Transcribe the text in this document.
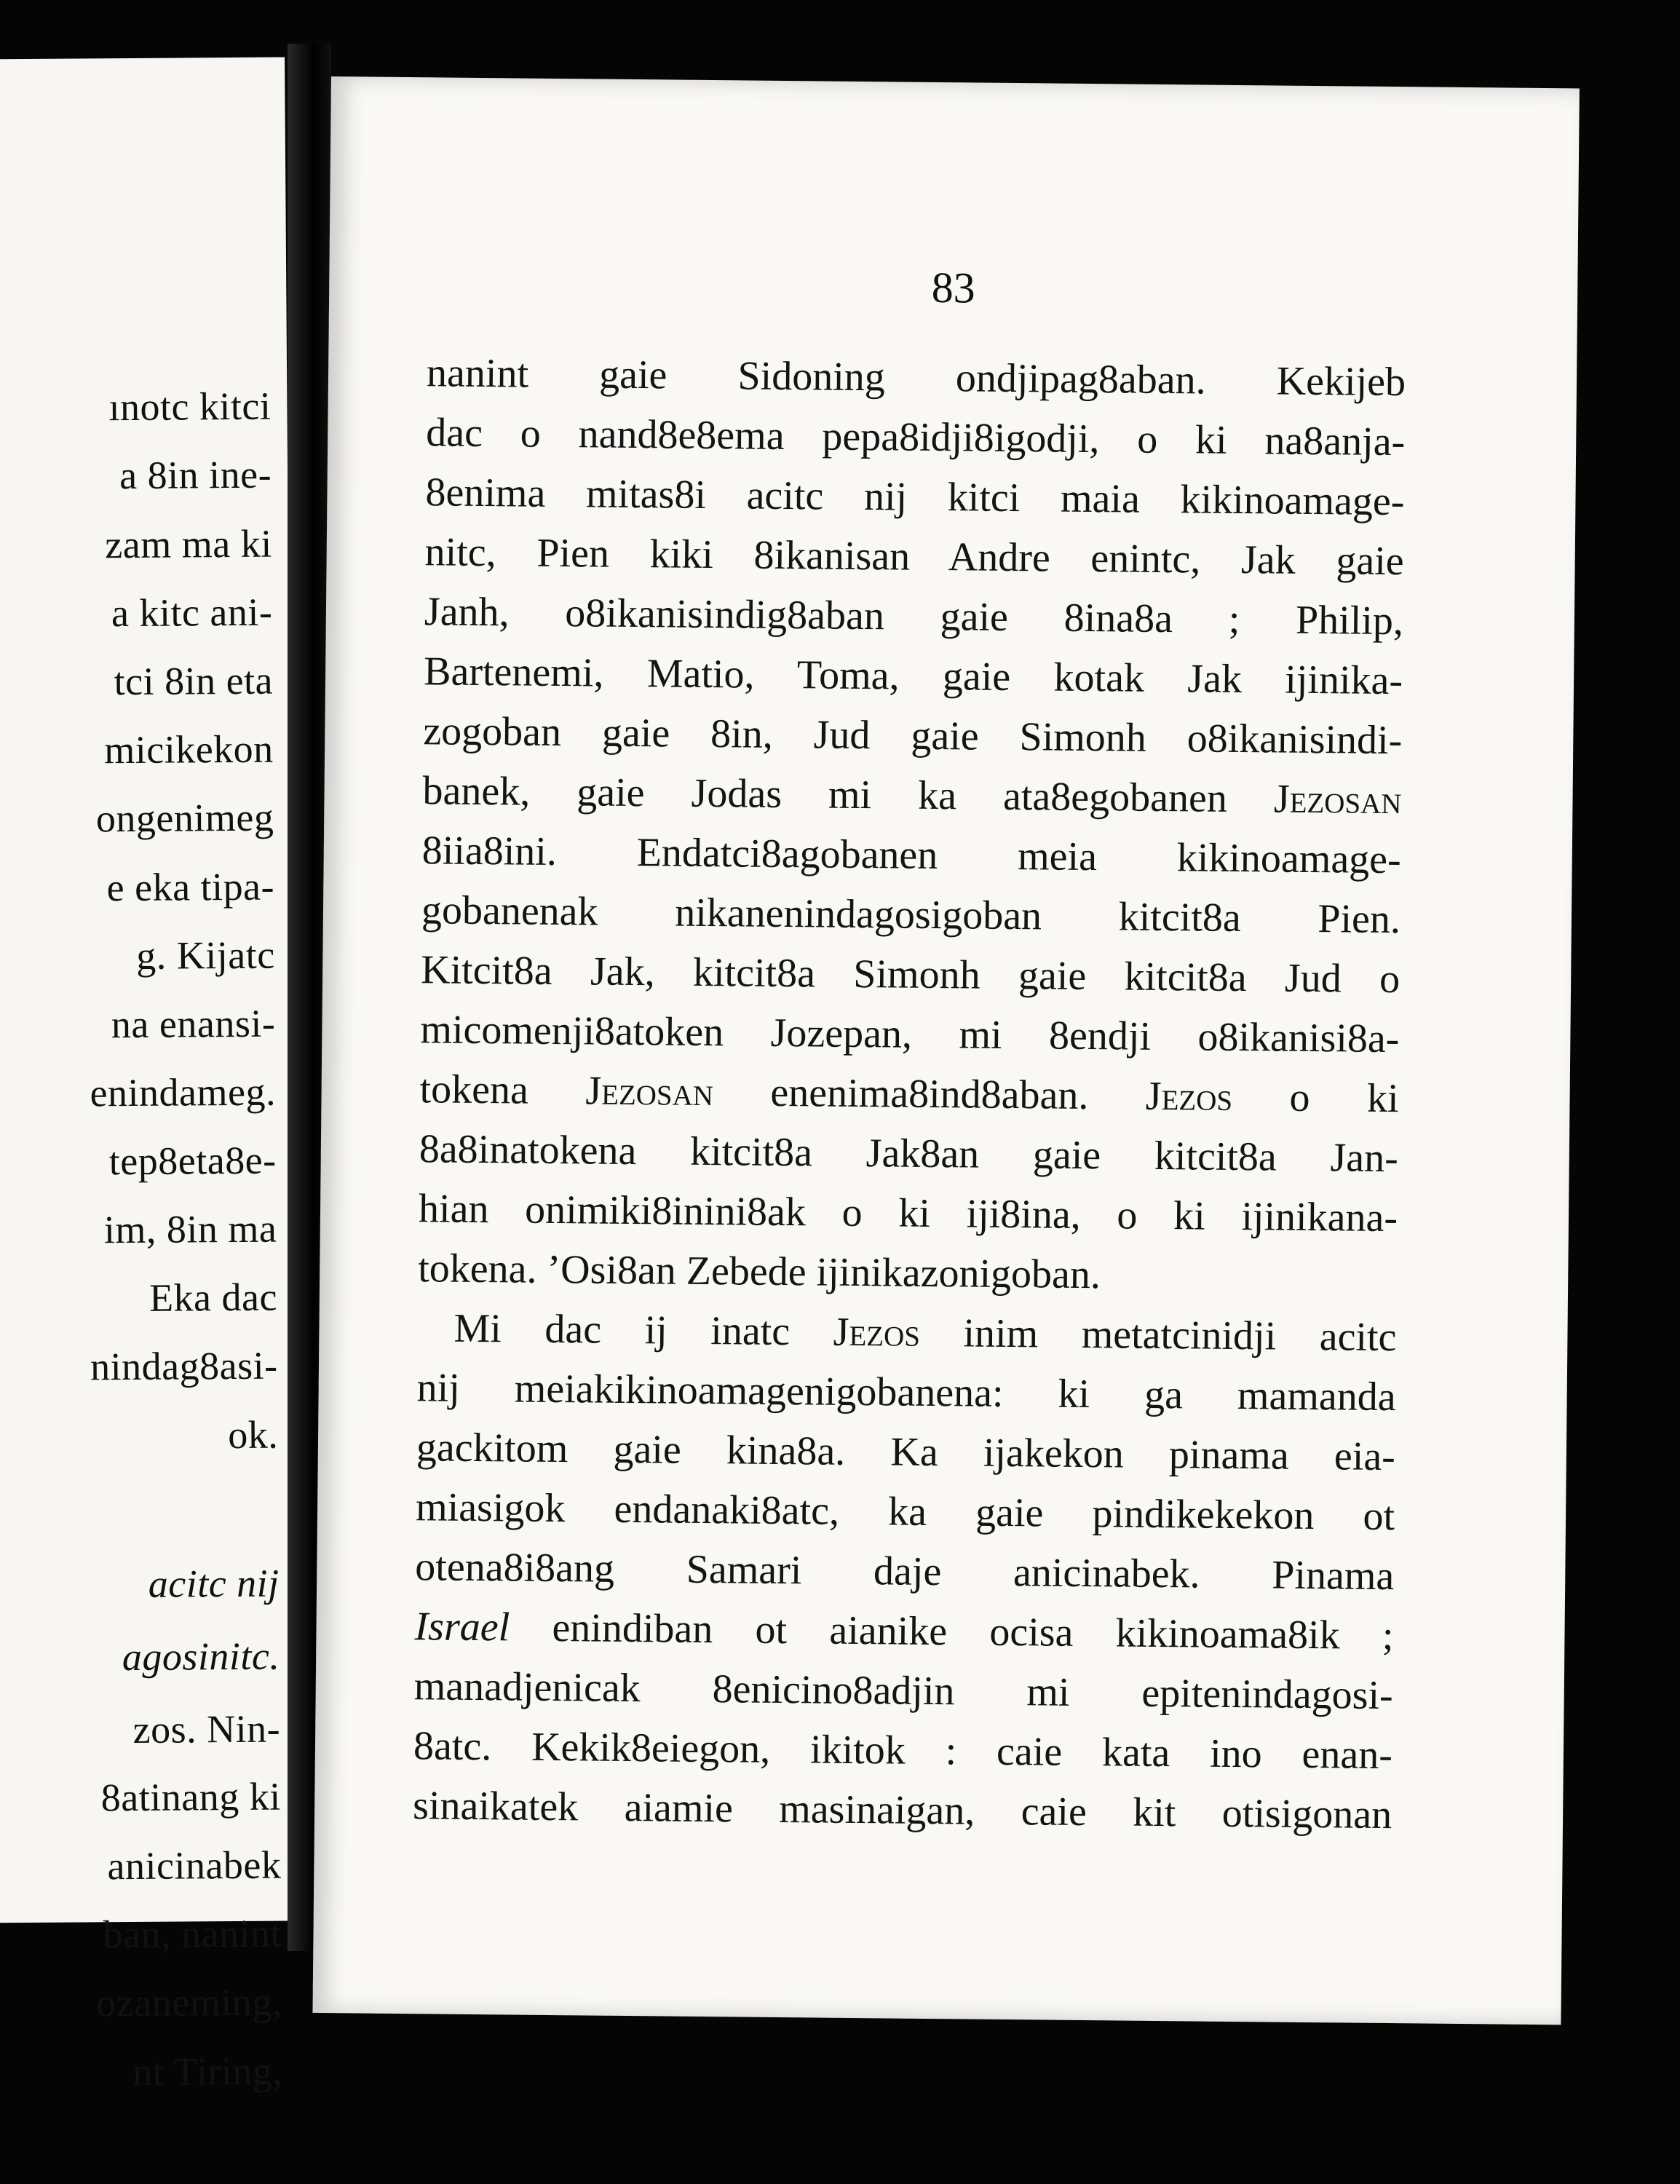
ınotc kitci
a 8in ine-
zam ma ki
a kitc ani-
tci 8in eta
micikekon
ongenimeg
e eka tipa-
g. Kijatc
na enansi-
enindameg.
tep8eta8e-
im, 8in ma
Eka dac
nindag8asi-
ok.
acitc nij
agosinitc.
zos. Nin-
8atinang ki
anicinabek
ban, nanint
ozaneming,
nt Tiring,
83
nanint gaie Sidoning ondjipag8aban. Kekijeb
dac o nand8e8ema pepa8idji8igodji, o ki na8anja-
8enima mitas8i acitc nij kitci maia kikinoamage-
nitc, Pien kiki 8ikanisan Andre enintc, Jak gaie
Janh, o8ikanisindig8aban gaie 8ina8a ; Philip,
Bartenemi, Matio, Toma, gaie kotak Jak ijinika-
zogoban gaie 8in, Jud gaie Simonh o8ikanisindi-
banek, gaie Jodas mi ka ata8egobanen Jezosan
8iia8ini. Endatci8agobanen meia kikinoamage-
gobanenak nikanenindagosigoban kitcit8a Pien.
Kitcit8a Jak, kitcit8a Simonh gaie kitcit8a Jud o
micomenji8atoken Jozepan, mi 8endji o8ikanisi8a-
tokena Jezosan enenima8ind8aban. Jezos o ki
8a8inatokena kitcit8a Jak8an gaie kitcit8a Jan-
hian onimiki8inini8ak o ki iji8ina, o ki ijinikana-
tokena. ’Osi8an Zebede ijinikazonigoban.
Mi dac ij inatc Jezos inim metatcinidji acitc
nij meiakikinoamagenigobanena: ki ga mamanda
gackitom gaie kina8a. Ka ijakekon pinama eia-
miasigok endanaki8atc, ka gaie pindikekekon ot
otena8i8ang Samari daje anicinabek. Pinama
Israel enindiban ot aianike ocisa kikinoama8ik ;
manadjenicak 8enicino8adjin mi epitenindagosi-
8atc. Kekik8eiegon, ikitok : caie kata ino enan-
sinaikatek aiamie masinaigan, caie kit otisigonan
